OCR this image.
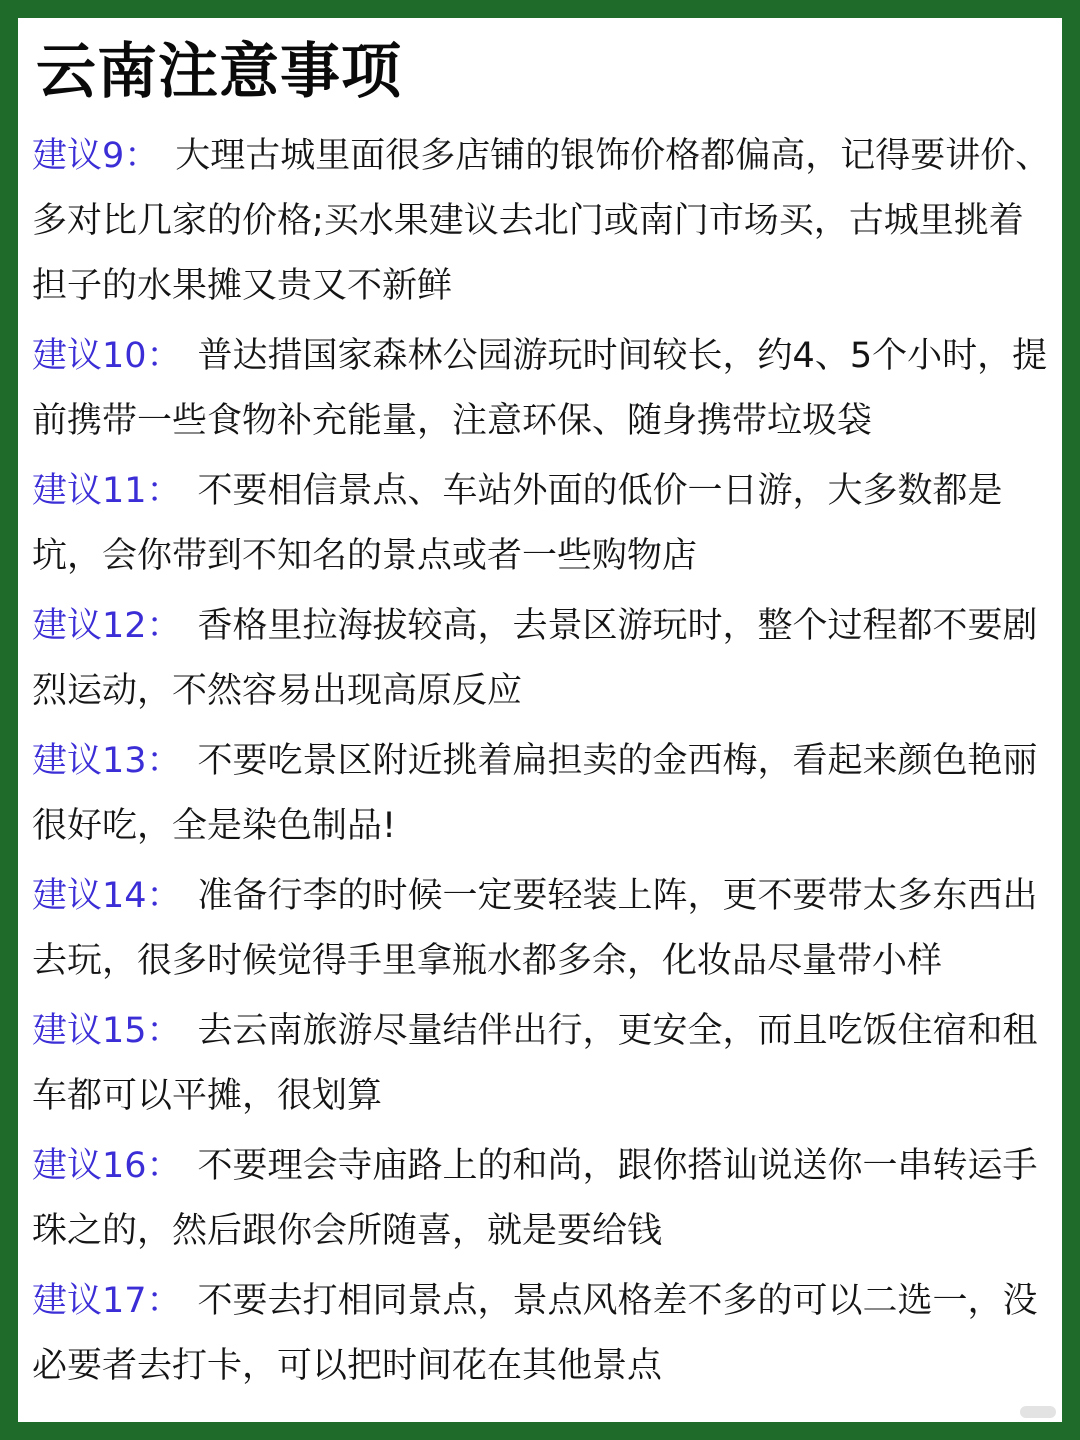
云南注意事项

建议9： 大理古城里面很多店铺的银饰价格都偏高，记得要讲价、多对比几家的价格;买水果建议去北门或南门市场买，古城里挑着担子的水果摊又贵又不新鲜

建议10： 普达措国家森林公园游玩时间较长，约4、5个小时，提前携带一些食物补充能量，注意环保、随身携带垃圾袋

建议11： 不要相信景点、车站外面的低价一日游，大多数都是坑，会你带到不知名的景点或者一些购物店

建议12： 香格里拉海拔较高，去景区游玩时，整个过程都不要剧烈运动，不然容易出现高原反应

建议13： 不要吃景区附近挑着扁担卖的金西梅，看起来颜色艳丽很好吃，全是染色制品!

建议14： 准备行李的时候一定要轻装上阵，更不要带太多东西出去玩，很多时候觉得手里拿瓶水都多余，化妆品尽量带小样

建议15： 去云南旅游尽量结伴出行，更安全，而且吃饭住宿和租车都可以平摊，很划算

建议16： 不要理会寺庙路上的和尚，跟你搭讪说送你一串转运手珠之的，然后跟你会所随喜，就是要给钱

建议17： 不要去打相同景点，景点风格差不多的可以二选一，没必要者去打卡，可以把时间花在其他景点
